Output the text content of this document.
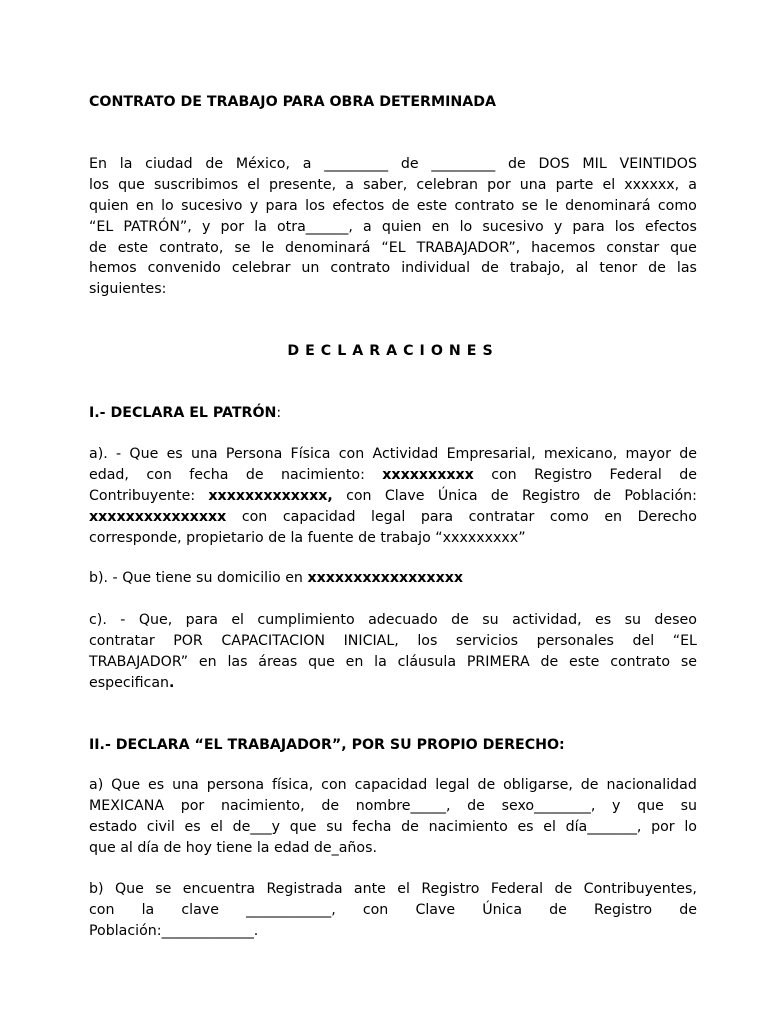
CONTRATO DE TRABAJO PARA OBRA DETERMINADA
En la ciudad de México, a _________ de _________ de DOS MIL VEINTIDOS
los que suscribimos el presente, a saber, celebran por una parte el xxxxxx, a
quien en lo sucesivo y para los efectos de este contrato se le denominará como
“EL PATRÓN”, y por la otra______, a quien en lo sucesivo y para los efectos
de este contrato, se le denominará “EL TRABAJADOR”, hacemos constar que
hemos convenido celebrar un contrato individual de trabajo, al tenor de las
siguientes:
DECLARACIONES
I.- DECLARA EL PATRÓN:
a). - Que es una Persona Física con Actividad Empresarial, mexicano, mayor de
edad, con fecha de nacimiento: xxxxxxxxxx con Registro Federal de
Contribuyente: xxxxxxxxxxxxx, con Clave Única de Registro de Población:
xxxxxxxxxxxxxxx con capacidad legal para contratar como en Derecho
corresponde, propietario de la fuente de trabajo “xxxxxxxxx”
b). - Que tiene su domicilio en xxxxxxxxxxxxxxxxx
c). - Que, para el cumplimiento adecuado de su actividad, es su deseo
contratar POR CAPACITACION INICIAL, los servicios personales del “EL
TRABAJADOR” en las áreas que en la cláusula PRIMERA de este contrato se
especifican.
II.- DECLARA “EL TRABAJADOR”, POR SU PROPIO DERECHO:
a) Que es una persona física, con capacidad legal de obligarse, de nacionalidad
MEXICANA por nacimiento, de nombre_____, de sexo________, y que su
estado civil es el de___y que su fecha de nacimiento es el día_______, por lo
que al día de hoy tiene la edad de_años.
b) Que se encuentra Registrada ante el Registro Federal de Contribuyentes,
con la clave ____________, con Clave Única de Registro de
Población:_____________.
